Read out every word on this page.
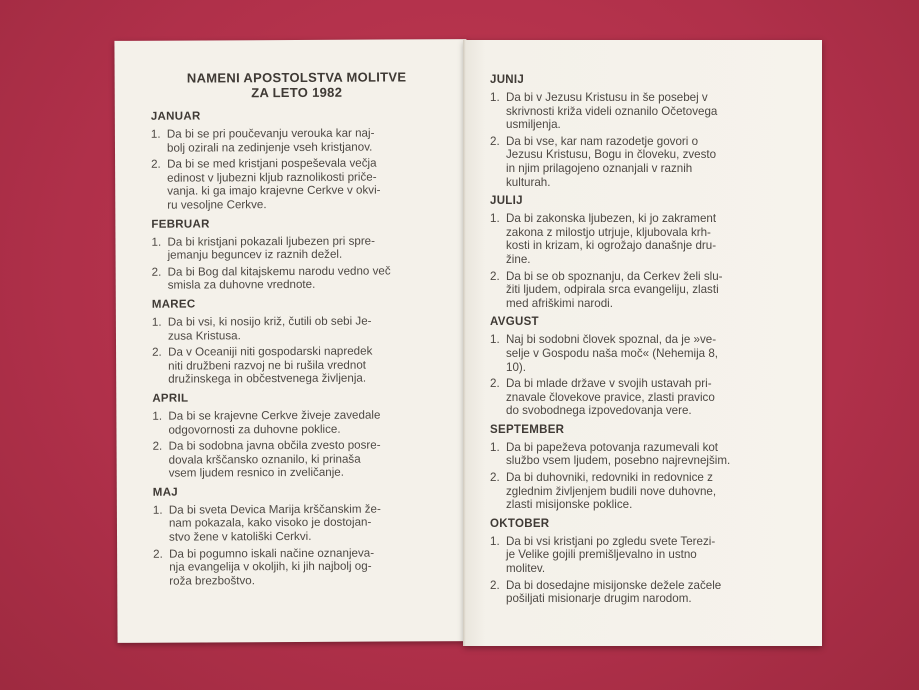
NAMENI APOSTOLSTVA MOLITVE
ZA LETO 1982
JANUAR
1. Da bi se pri poučevanju verouka kar naj-
bolj ozirali na zedinjenje vseh kristjanov.
2. Da bi se med kristjani pospeševala večja
edinost v ljubezni kljub raznolikosti priče-
vanja. ki ga imajo krajevne Cerkve v okvi-
ru vesoljne Cerkve.
FEBRUAR
1. Da bi kristjani pokazali ljubezen pri spre-
jemanju beguncev iz raznih dežel.
2. Da bi Bog dal kitajskemu narodu vedno več
smisla za duhovne vrednote.
MAREC
1. Da bi vsi, ki nosijo križ, čutili ob sebi Je-
zusa Kristusa.
2. Da v Oceaniji niti gospodarski napredek
niti družbeni razvoj ne bi rušila vrednot
družinskega in občestvenega življenja.
APRIL
1. Da bi se krajevne Cerkve živeje zavedale
odgovornosti za duhovne poklice.
2. Da bi sodobna javna občila zvesto posre-
dovala krščansko oznanilo, ki prinaša
vsem ljudem resnico in zveličanje.
MAJ
1. Da bi sveta Devica Marija krščanskim že-
nam pokazala, kako visoko je dostojan-
stvo žene v katoliški Cerkvi.
2. Da bi pogumno iskali načine oznanjeva-
nja evangelija v okoljih, ki jih najbolj og-
roža brezboštvo.
JUNIJ
1. Da bi v Jezusu Kristusu in še posebej v
skrivnosti križa videli oznanilo Očetovega
usmiljenja.
2. Da bi vse, kar nam razodetje govori o
Jezusu Kristusu, Bogu in človeku, zvesto
in njim prilagojeno oznanjali v raznih
kulturah.
JULIJ
1. Da bi zakonska ljubezen, ki jo zakrament
zakona z milostjo utrjuje, kljubovala krh-
kosti in krizam, ki ogrožajo današnje dru-
žine.
2. Da bi se ob spoznanju, da Cerkev želi slu-
žiti ljudem, odpirala srca evangeliju, zlasti
med afriškimi narodi.
AVGUST
1. Naj bi sodobni človek spoznal, da je »ve-
selje v Gospodu naša moč« (Nehemija 8,
10).
2. Da bi mlade države v svojih ustavah pri-
znavale človekove pravice, zlasti pravico
do svobodnega izpovedovanja vere.
SEPTEMBER
1. Da bi papeževa potovanja razumevali kot
službo vsem ljudem, posebno najrevnejšim.
2. Da bi duhovniki, redovniki in redovnice z
zglednim življenjem budili nove duhovne,
zlasti misijonske poklice.
OKTOBER
1. Da bi vsi kristjani po zgledu svete Terezi-
je Velike gojili premišljevalno in ustno
molitev.
2. Da bi dosedajne misijonske dežele začele
pošiljati misionarje drugim narodom.
